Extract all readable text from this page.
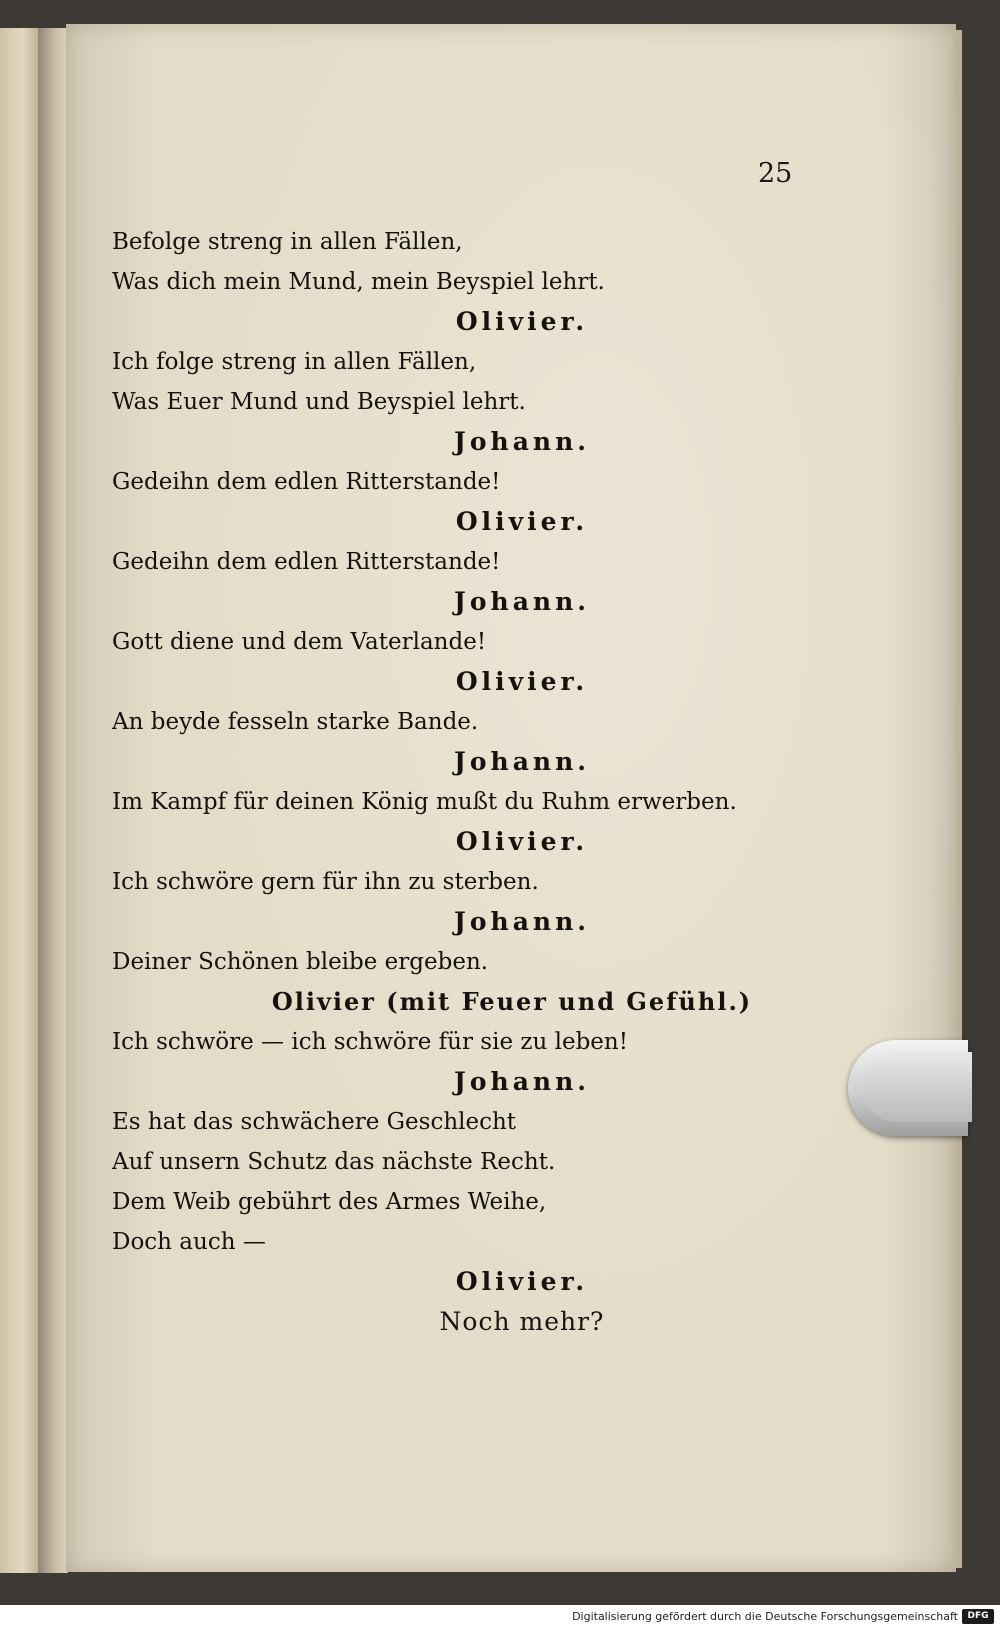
25
Befolge streng in allen Fällen,
Was dich mein Mund, mein Beyspiel lehrt.
Olivier.
Ich folge streng in allen Fällen,
Was Euer Mund und Beyspiel lehrt.
Johann.
Gedeihn dem edlen Ritterstande!
Olivier.
Gedeihn dem edlen Ritterstande!
Johann.
Gott diene und dem Vaterlande!
Olivier.
An beyde fesseln starke Bande.
Johann.
Im Kampf für deinen König mußt du Ruhm erwerben.
Olivier.
Ich schwöre gern für ihn zu sterben.
Johann.
Deiner Schönen bleibe ergeben.
Olivier (mit Feuer und Gefühl.)
Ich schwöre — ich schwöre für sie zu leben!
Johann.
Es hat das schwächere Geschlecht
Auf unsern Schutz das nächste Recht.
Dem Weib gebührt des Armes Weihe,
Doch auch —
Olivier.
Noch mehr?
Digitalisierung gefördert durch die Deutsche Forschungsgemeinschaft	DFG
